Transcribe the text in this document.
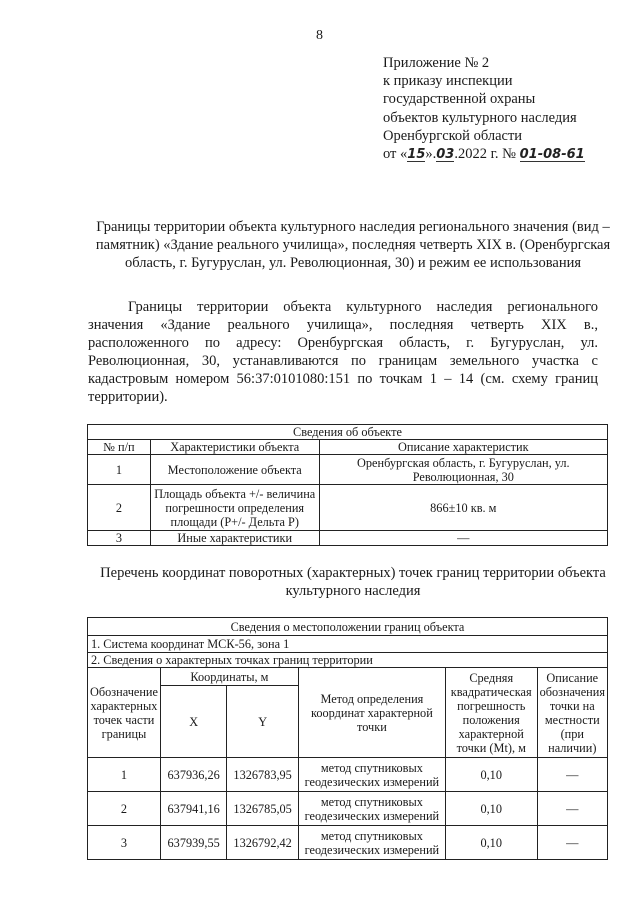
8
Приложение № 2
к приказу инспекции
государственной охраны
объектов культурного наследия
Оренбургской области
от «15».03.2022 г. № 01-08-61
Границы территории объекта культурного наследия регионального значения (вид – памятник) «Здание реального училища», последняя четверть XIX в. (Оренбургская область, г. Бугуруслан, ул. Революционная, 30) и режим ее использования
Границы территории объекта культурного наследия регионального значения «Здание реального училища», последняя четверть XIX в., расположенного по адресу: Оренбургская область, г. Бугуруслан, ул. Революционная, 30, устанавливаются по границам земельного участка с кадастровым номером 56:37:0101080:151 по точкам 1 – 14 (см. схему границ территории).
Сведения об объекте		
№ п/п	Характеристики объекта	Описание характеристик
1	Местоположение объекта	Оренбургская область, г. Бугуруслан, ул. Революционная, 30
2	Площадь объекта +/- величина погрешности определения площади (Р+/- Дельта Р)	866±10 кв. м
3	Иные характеристики	—
Перечень координат поворотных (характерных) точек границ территории объекта культурного наследия
Сведения о местоположении границ объекта					
1. Система координат МСК-56, зона 1					
2. Сведения о характерных точках границ территории					
Обозначение характерных точек части границы	Координаты, м		Метод определения координат характерной точки	Средняя квадратическая погрешность положения характерной точки (Mt), м	Описание обозначения точки на местности (при наличии)
	X	Y			
1	637936,26	1326783,95	метод спутниковых геодезических измерений	0,10	—
2	637941,16	1326785,05	метод спутниковых геодезических измерений	0,10	—
3	637939,55	1326792,42	метод спутниковых геодезических измерений	0,10	—
